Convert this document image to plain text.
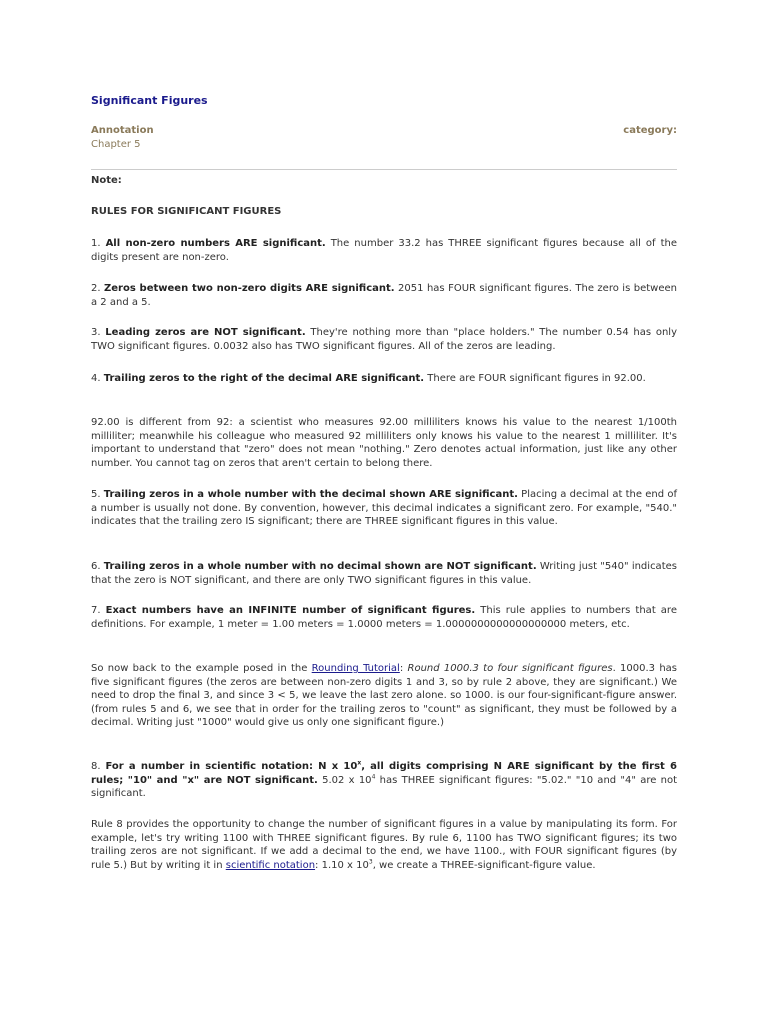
Significant Figures
Annotation	category:
Chapter 5
Note:
RULES FOR SIGNIFICANT FIGURES

1. All non-zero numbers ARE significant. The number 33.2 has THREE significant figures because all of the digits present are non-zero.

2. Zeros between two non-zero digits ARE significant. 2051 has FOUR significant figures. The zero is between a 2 and a 5.

3. Leading zeros are NOT significant. They're nothing more than "place holders." The number 0.54 has only TWO significant figures. 0.0032 also has TWO significant figures. All of the zeros are leading.

4. Trailing zeros to the right of the decimal ARE significant. There are FOUR significant figures in 92.00.

92.00 is different from 92: a scientist who measures 92.00 milliliters knows his value to the nearest 1/100th milliliter; meanwhile his colleague who measured 92 milliliters only knows his value to the nearest 1 milliliter. It's important to understand that "zero" does not mean "nothing." Zero denotes actual information, just like any other number. You cannot tag on zeros that aren't certain to belong there.

5. Trailing zeros in a whole number with the decimal shown ARE significant. Placing a decimal at the end of a number is usually not done. By convention, however, this decimal indicates a significant zero. For example, "540." indicates that the trailing zero IS significant; there are THREE significant figures in this value.

6. Trailing zeros in a whole number with no decimal shown are NOT significant. Writing just "540" indicates that the zero is NOT significant, and there are only TWO significant figures in this value.

7. Exact numbers have an INFINITE number of significant figures. This rule applies to numbers that are definitions. For example, 1 meter = 1.00 meters = 1.0000 meters = 1.0000000000000000000 meters, etc.

So now back to the example posed in the Rounding Tutorial: Round 1000.3 to four significant figures. 1000.3 has five significant figures (the zeros are between non-zero digits 1 and 3, so by rule 2 above, they are significant.) We need to drop the final 3, and since 3 < 5, we leave the last zero alone. so 1000. is our four-significant-figure answer. (from rules 5 and 6, we see that in order for the trailing zeros to "count" as significant, they must be followed by a decimal. Writing just "1000" would give us only one significant figure.)

8. For a number in scientific notation: N x 10$^x$, all digits comprising N ARE significant by the first 6 rules; "10" and "x" are NOT significant. 5.02 x $10^4$ has THREE significant figures: "5.02." "10 and "4" are not significant.

Rule 8 provides the opportunity to change the number of significant figures in a value by manipulating its form. For example, let's try writing 1100 with THREE significant figures. By rule 6, 1100 has TWO significant figures; its two trailing zeros are not significant. If we add a decimal to the end, we have 1100., with FOUR significant figures (by rule 5.) But by writing it in scientific notation: 1.10 x $10^3$, we create a THREE-significant-figure value.
